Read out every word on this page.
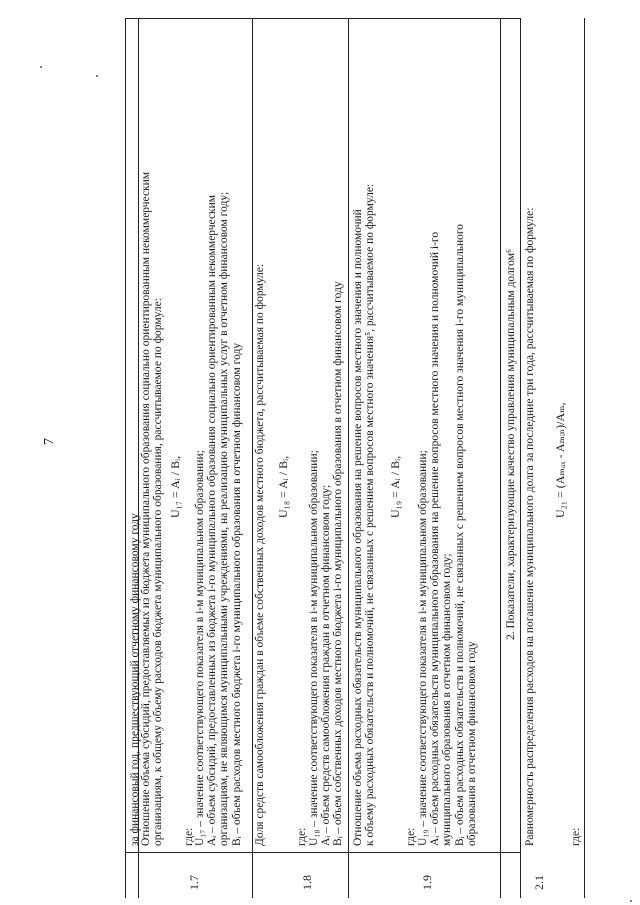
7
за финансовый год, предшествующий отчетному финансовому году
1.7
Отношение объема субсидий, предоставляемых из бюджета муниципального образования социально ориентированным некоммерческим организациям, к общему объему расходов бюджета муниципального образования, рассчитываемое по формуле: U₁₇ = Aᵢ / Bᵢ,
где: U₁₇ – значение соответствующего показателя в i-м муниципальном образовании; Aᵢ – объем субсидий, предоставленных из бюджета i-го муниципального образования социально ориентированным некоммерческим организациям, не являющимся муниципальными учреждениями, на реализацию муниципальных услуг в отчетном финансовом году; Bᵢ – объем расходов местного бюджета i-го муниципального образования в отчетном финансовом году
1.8
Доля средств самообложения граждан в объеме собственных доходов местного бюджета, рассчитываемая по формуле: U₁₈ = Aᵢ / Bᵢ,
где: U₁₈ – значение соответствующего показателя в i-м муниципальном образовании; Aᵢ – объем средств самообложения граждан в отчетном финансовом году; Bᵢ – объем собственных доходов местного бюджета i-го муниципального образования в отчетном финансовом году
1.9
Отношение объема расходных обязательств муниципального образования на решение вопросов местного значения и полномочий к объему расходных обязательств и полномочий, не связанных с решением вопросов местного значения⁵, рассчитываемое по формуле: U₁₉ = Aᵢ / Bᵢ,
где: U₁₉ – значение соответствующего показателя в i-м муниципальном образовании; Aᵢ – объем расходных обязательств муниципального образования на решение вопросов местного значения и полномочий i-го муниципального образования в отчетном финансовом году; Bᵢ – объем расходных обязательств и полномочий, не связанных с решением вопросов местного значения i-го муниципального образования в отчетном финансовом году
2. Показатели, характеризующие качество управления муниципальным долгом⁶
2.1
Равномерность распределения расходов на погашение муниципального долга за последние три года, рассчитываемая по формуле: U₂₁ = (Aₘₐₓ - Aₘᵢₙ)/Aₘ,
где:
